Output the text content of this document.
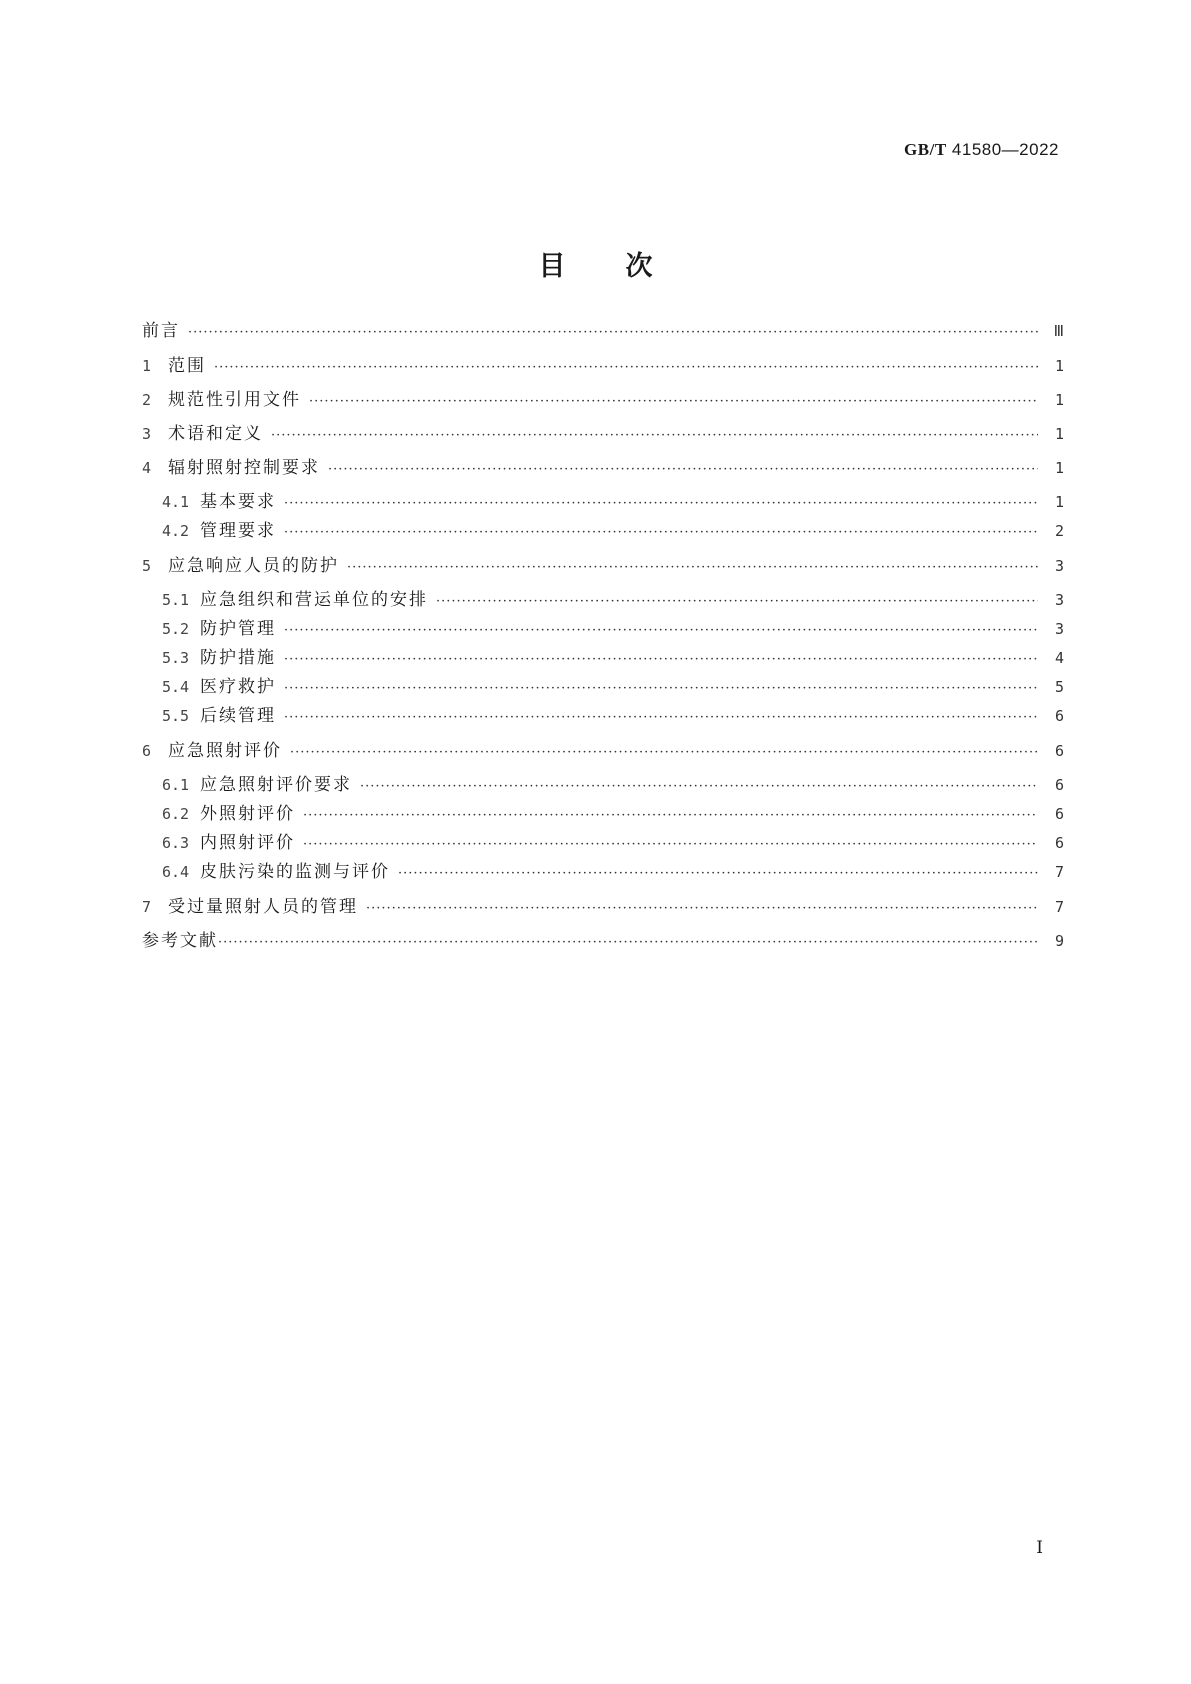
GB/T 41580—2022
目次
前言 ·····	Ⅲ
1 范围 ·····	1
2 规范性引用文件 ·····	1
3 术语和定义 ·····	1
4 辐射照射控制要求 ·····	1
4.1 基本要求 ·····	1
4.2 管理要求 ·····	2
5 应急响应人员的防护 ·····	3
5.1 应急组织和营运单位的安排 ·····	3
5.2 防护管理 ·····	3
5.3 防护措施 ·····	4
5.4 医疗救护 ·····	5
5.5 后续管理 ·····	6
6 应急照射评价 ·····	6
6.1 应急照射评价要求 ·····	6
6.2 外照射评价 ·····	6
6.3 内照射评价 ·····	6
6.4 皮肤污染的监测与评价 ·····	7
7 受过量照射人员的管理 ·····	7
参考文献 ·····	9
I
